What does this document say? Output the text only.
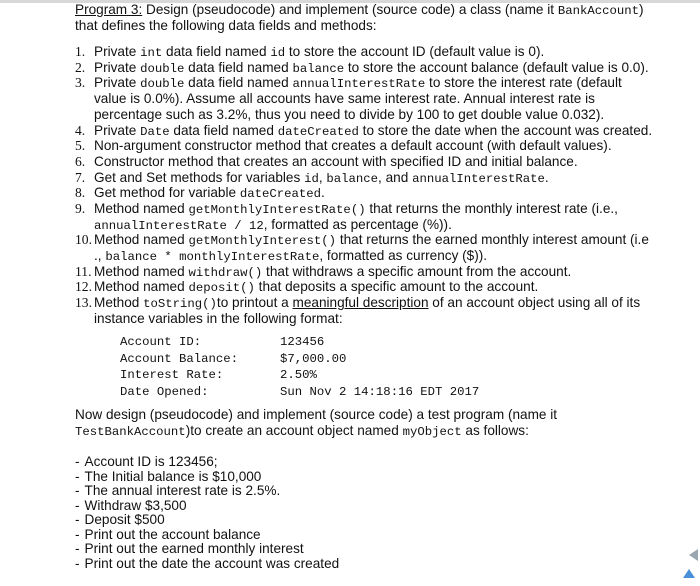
Program 3: Design (pseudocode) and implement (source code) a class (name it BankAccount)
that defines the following data fields and methods:
1. Private int data field named id to store the account ID (default value is 0).
2. Private double data field named balance to store the account balance (default value is 0.0).
3. Private double data field named annualInterestRate to store the interest rate (default
value is 0.0%). Assume all accounts have same interest rate. Annual interest rate is
percentage such as 3.2%, thus you need to divide by 100 to get double value 0.032).
4. Private Date data field named dateCreated to store the date when the account was created.
5. Non-argument constructor method that creates a default account (with default values).
6. Constructor method that creates an account with specified ID and initial balance.
7. Get and Set methods for variables id, balance, and annualInterestRate.
8. Get method for variable dateCreated.
9. Method named getMonthlyInterestRate() that returns the monthly interest rate (i.e.,
annualInterestRate / 12, formatted as percentage (%)).
10. Method named getMonthlyInterest() that returns the earned monthly interest amount (i.e
., balance * monthlyInterestRate, formatted as currency ($)).
11. Method named withdraw() that withdraws a specific amount from the account.
12. Method named deposit() that deposits a specific amount to the account.
13. Method toString()to printout a meaningful description of an account object using all of its
instance variables in the following format:
Account ID:	123456
Account Balance:	$7,000.00
Interest Rate:	2.50%
Date Opened:	Sun Nov 2 14:18:16 EDT 2017
Now design (pseudocode) and implement (source code) a test program (name it
TestBankAccount)to create an account object named myObject as follows:
- Account ID is 123456;
- The Initial balance is $10,000
- The annual interest rate is 2.5%.
- Withdraw $3,500
- Deposit $500
- Print out the account balance
- Print out the earned monthly interest
- Print out the date the account was created
